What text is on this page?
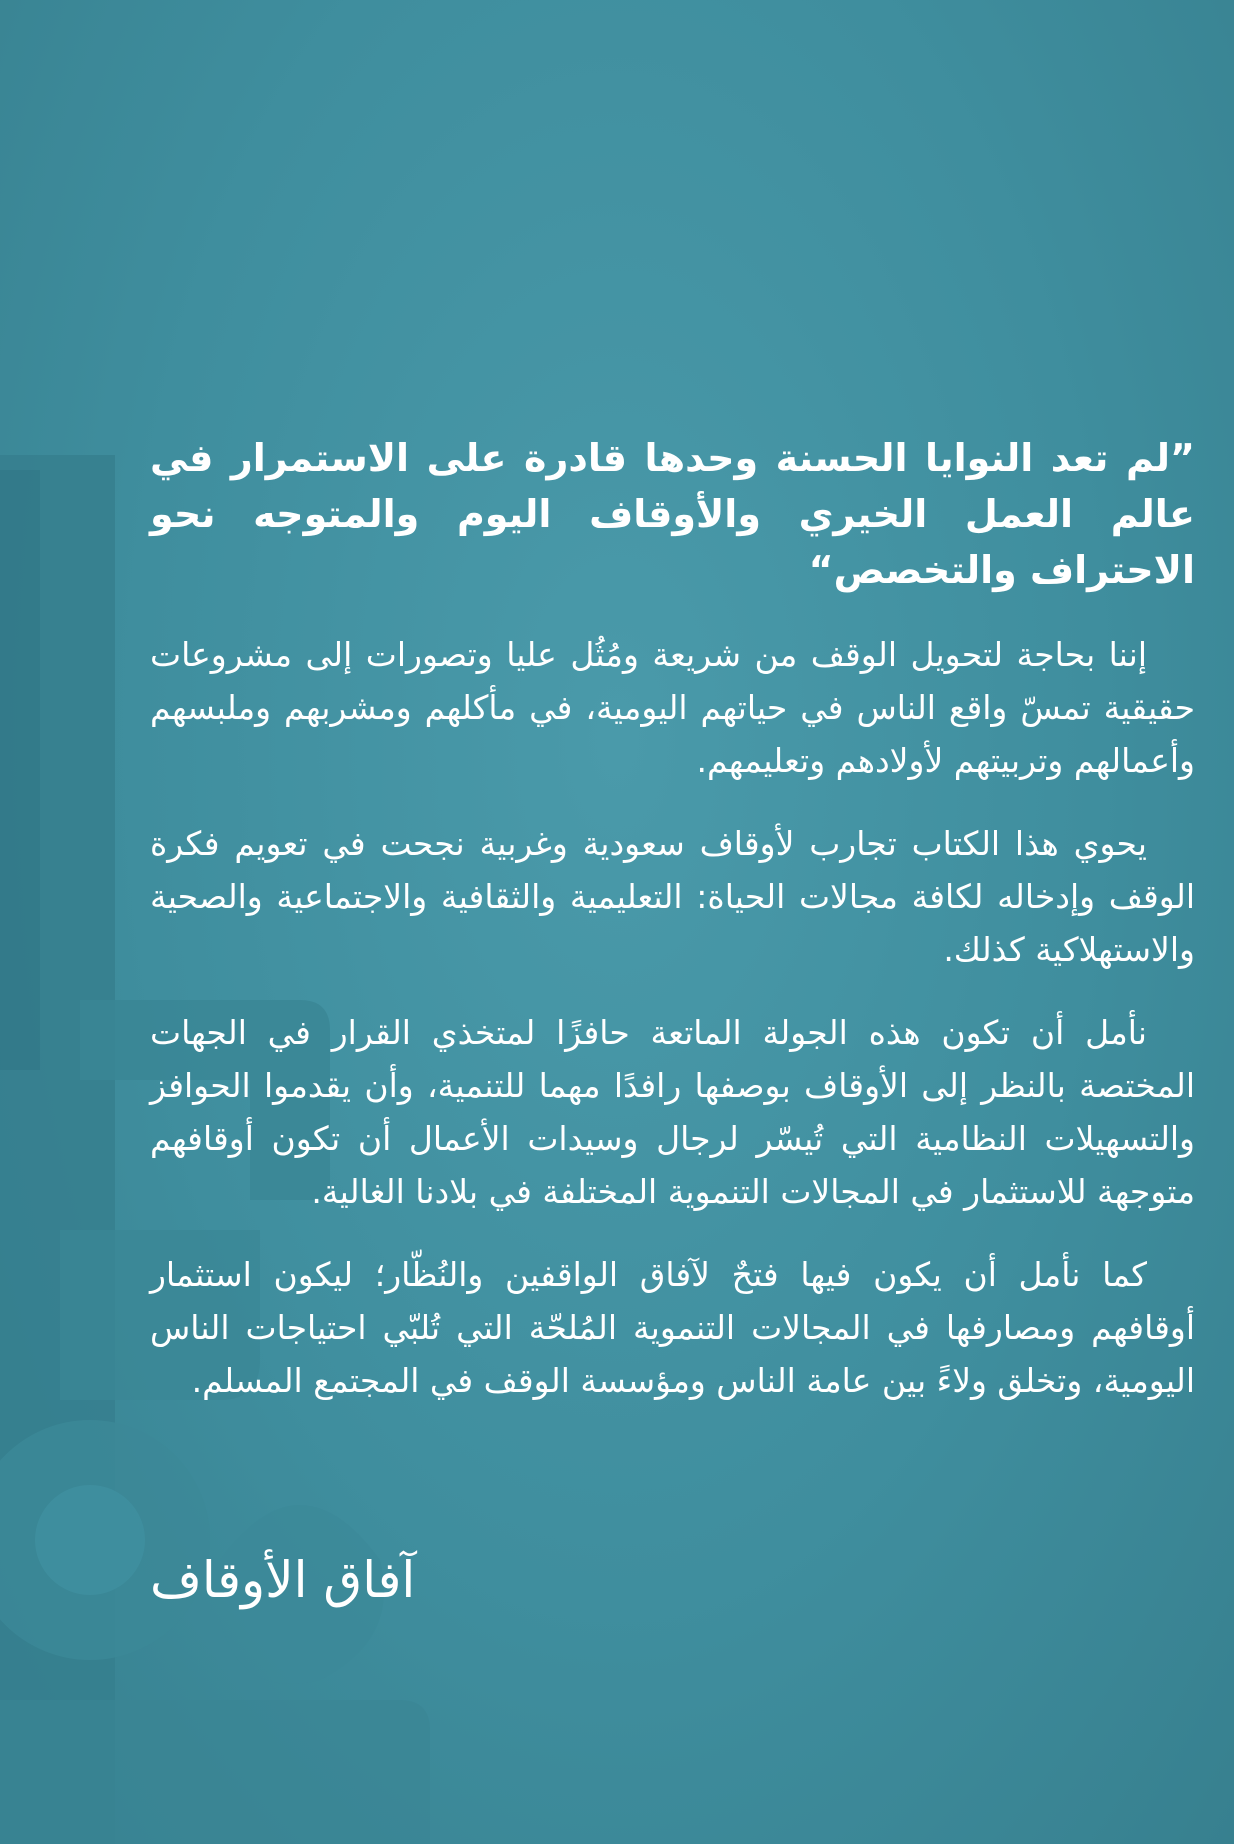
”لم تعد النوايا الحسنة وحدها قادرة على الاستمرار في عالم العمل الخيري والأوقاف اليوم والمتوجه نحو الاحتراف والتخصص“

إننا بحاجة لتحويل الوقف من شريعة ومُثُل عليا وتصورات إلى مشروعات حقيقية تمسّ واقع الناس في حياتهم اليومية، في مأكلهم ومشربهم وملبسهم وأعمالهم وتربيتهم لأولادهم وتعليمهم.

يحوي هذا الكتاب تجارب لأوقاف سعودية وغربية نجحت في تعويم فكرة الوقف وإدخاله لكافة مجالات الحياة: التعليمية والثقافية والاجتماعية والصحية والاستهلاكية كذلك.

نأمل أن تكون هذه الجولة الماتعة حافزًا لمتخذي القرار في الجهات المختصة بالنظر إلى الأوقاف بوصفها رافدًا مهما للتنمية، وأن يقدموا الحوافز والتسهيلات النظامية التي تُيسّر لرجال وسيدات الأعمال أن تكون أوقافهم متوجهة للاستثمار في المجالات التنموية المختلفة في بلادنا الغالية.

كما نأمل أن يكون فيها فتحٌ لآفاق الواقفين والنُظّار؛ ليكون استثمار أوقافهم ومصارفها في المجالات التنموية المُلحّة التي تُلبّي احتياجات الناس اليومية، وتخلق ولاءً بين عامة الناس ومؤسسة الوقف في المجتمع المسلم.

آفاق الأوقاف
